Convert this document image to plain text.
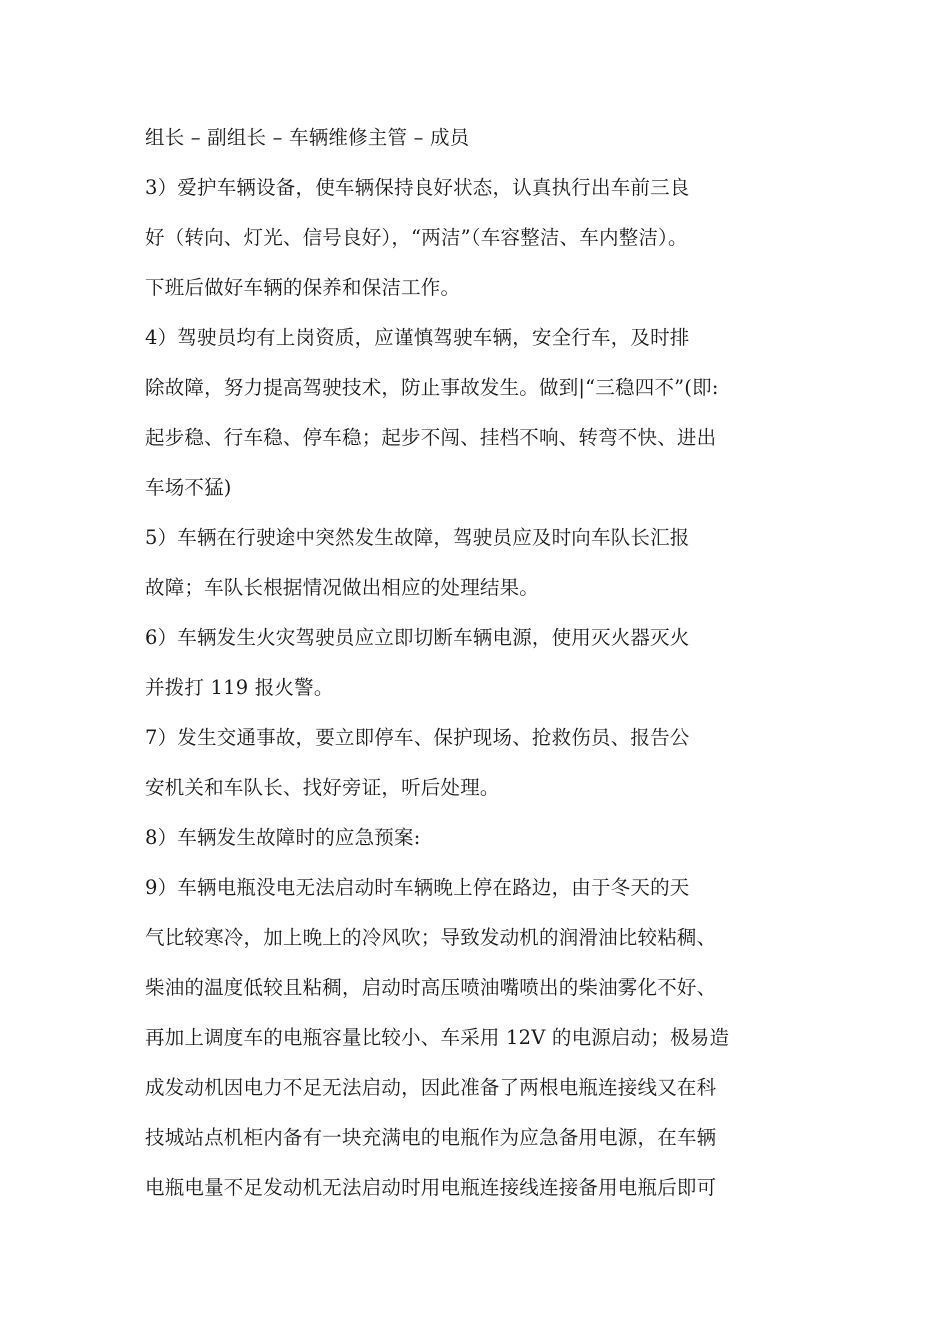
组长 – 副组长 – 车辆维修主管 – 成员
3）爱护车辆设备，使车辆保持良好状态，认真执行出车前三良
好（转向、灯光、信号良好），“两洁”（车容整洁、车内整洁）。
下班后做好车辆的保养和保洁工作。
4）驾驶员均有上岗资质，应谨慎驾驶车辆，安全行车，及时排
除故障，努力提高驾驶技术，防止事故发生。做到|“三稳四不”(即:
起步稳、行车稳、停车稳；起步不闯、挂档不响、转弯不快、进出
车场不猛)
5）车辆在行驶途中突然发生故障，驾驶员应及时向车队长汇报
故障；车队长根据情况做出相应的处理结果。
6）车辆发生火灾驾驶员应立即切断车辆电源，使用灭火器灭火
并拨打 119 报火警。
7）发生交通事故，要立即停车、保护现场、抢救伤员、报告公
安机关和车队长、找好旁证，听后处理。
8）车辆发生故障时的应急预案:
9）车辆电瓶没电无法启动时车辆晚上停在路边，由于冬天的天
气比较寒冷，加上晚上的冷风吹；导致发动机的润滑油比较粘稠、
柴油的温度低较且粘稠，启动时高压喷油嘴喷出的柴油雾化不好、
再加上调度车的电瓶容量比较小、车采用 12V 的电源启动；极易造
成发动机因电力不足无法启动，因此准备了两根电瓶连接线又在科
技城站点机柜内备有一块充满电的电瓶作为应急备用电源，在车辆
电瓶电量不足发动机无法启动时用电瓶连接线连接备用电瓶后即可
